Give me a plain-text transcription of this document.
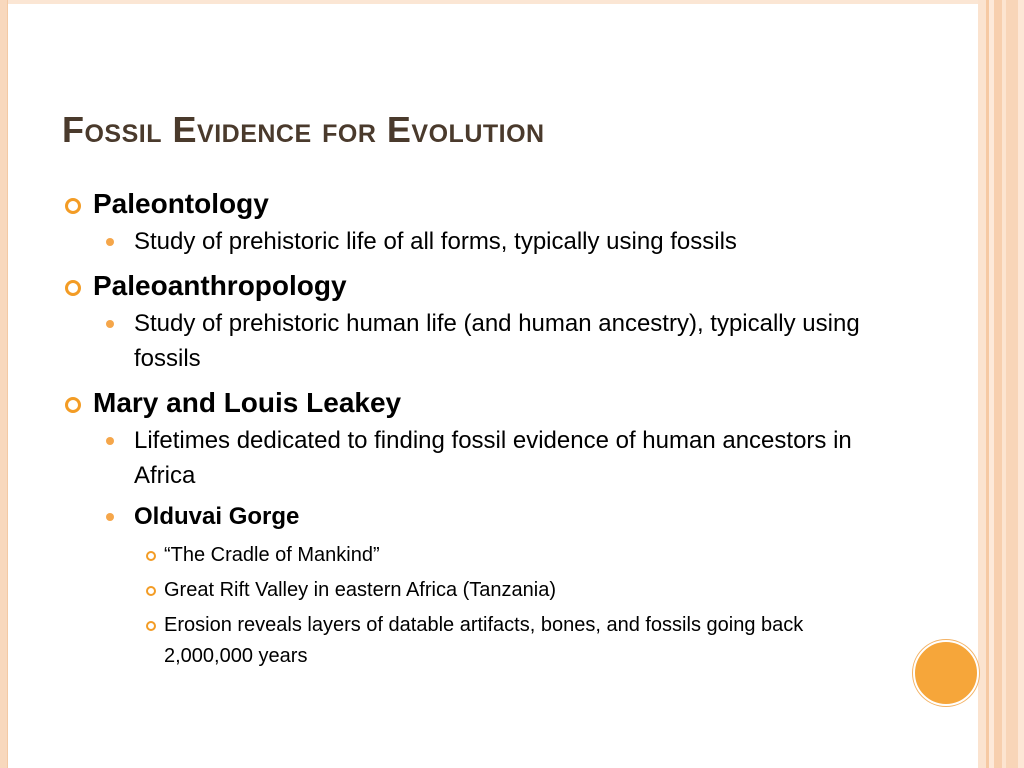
Fossil Evidence for Evolution
Paleontology
Study of prehistoric life of all forms, typically using fossils
Paleoanthropology
Study of prehistoric human life (and human ancestry), typically using fossils
Mary and Louis Leakey
Lifetimes dedicated to finding fossil evidence of human ancestors in Africa
Olduvai Gorge
“The Cradle of Mankind”
Great Rift Valley in eastern Africa (Tanzania)
Erosion reveals layers of datable artifacts, bones, and fossils going back 2,000,000 years
